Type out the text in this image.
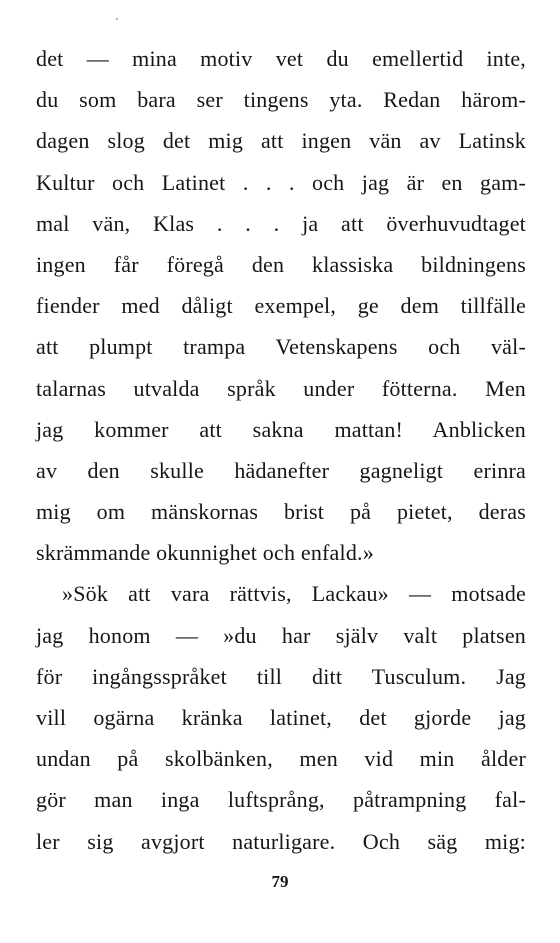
det — mina motiv vet du emellertid inte,
du som bara ser tingens yta. Redan härom-
dagen slog det mig att ingen vän av Latinsk
Kultur och Latinet . . . och jag är en gam-
mal vän, Klas . . . ja att överhuvudtaget
ingen får föregå den klassiska bildningens
fiender med dåligt exempel, ge dem tillfälle
att plumpt trampa Vetenskapens och väl-
talarnas utvalda språk under fötterna. Men
jag kommer att sakna mattan! Anblicken
av den skulle hädanefter gagneligt erinra
mig om mänskornas brist på pietet, deras
skrämmande okunnighet och enfald.»
»Sök att vara rättvis, Lackau» — motsade
jag honom — »du har själv valt platsen
för ingångsspråket till ditt Tusculum. Jag
vill ogärna kränka latinet, det gjorde jag
undan på skolbänken, men vid min ålder
gör man inga luftsprång, påtrampning fal-
ler sig avgjort naturligare. Och säg mig:
79
